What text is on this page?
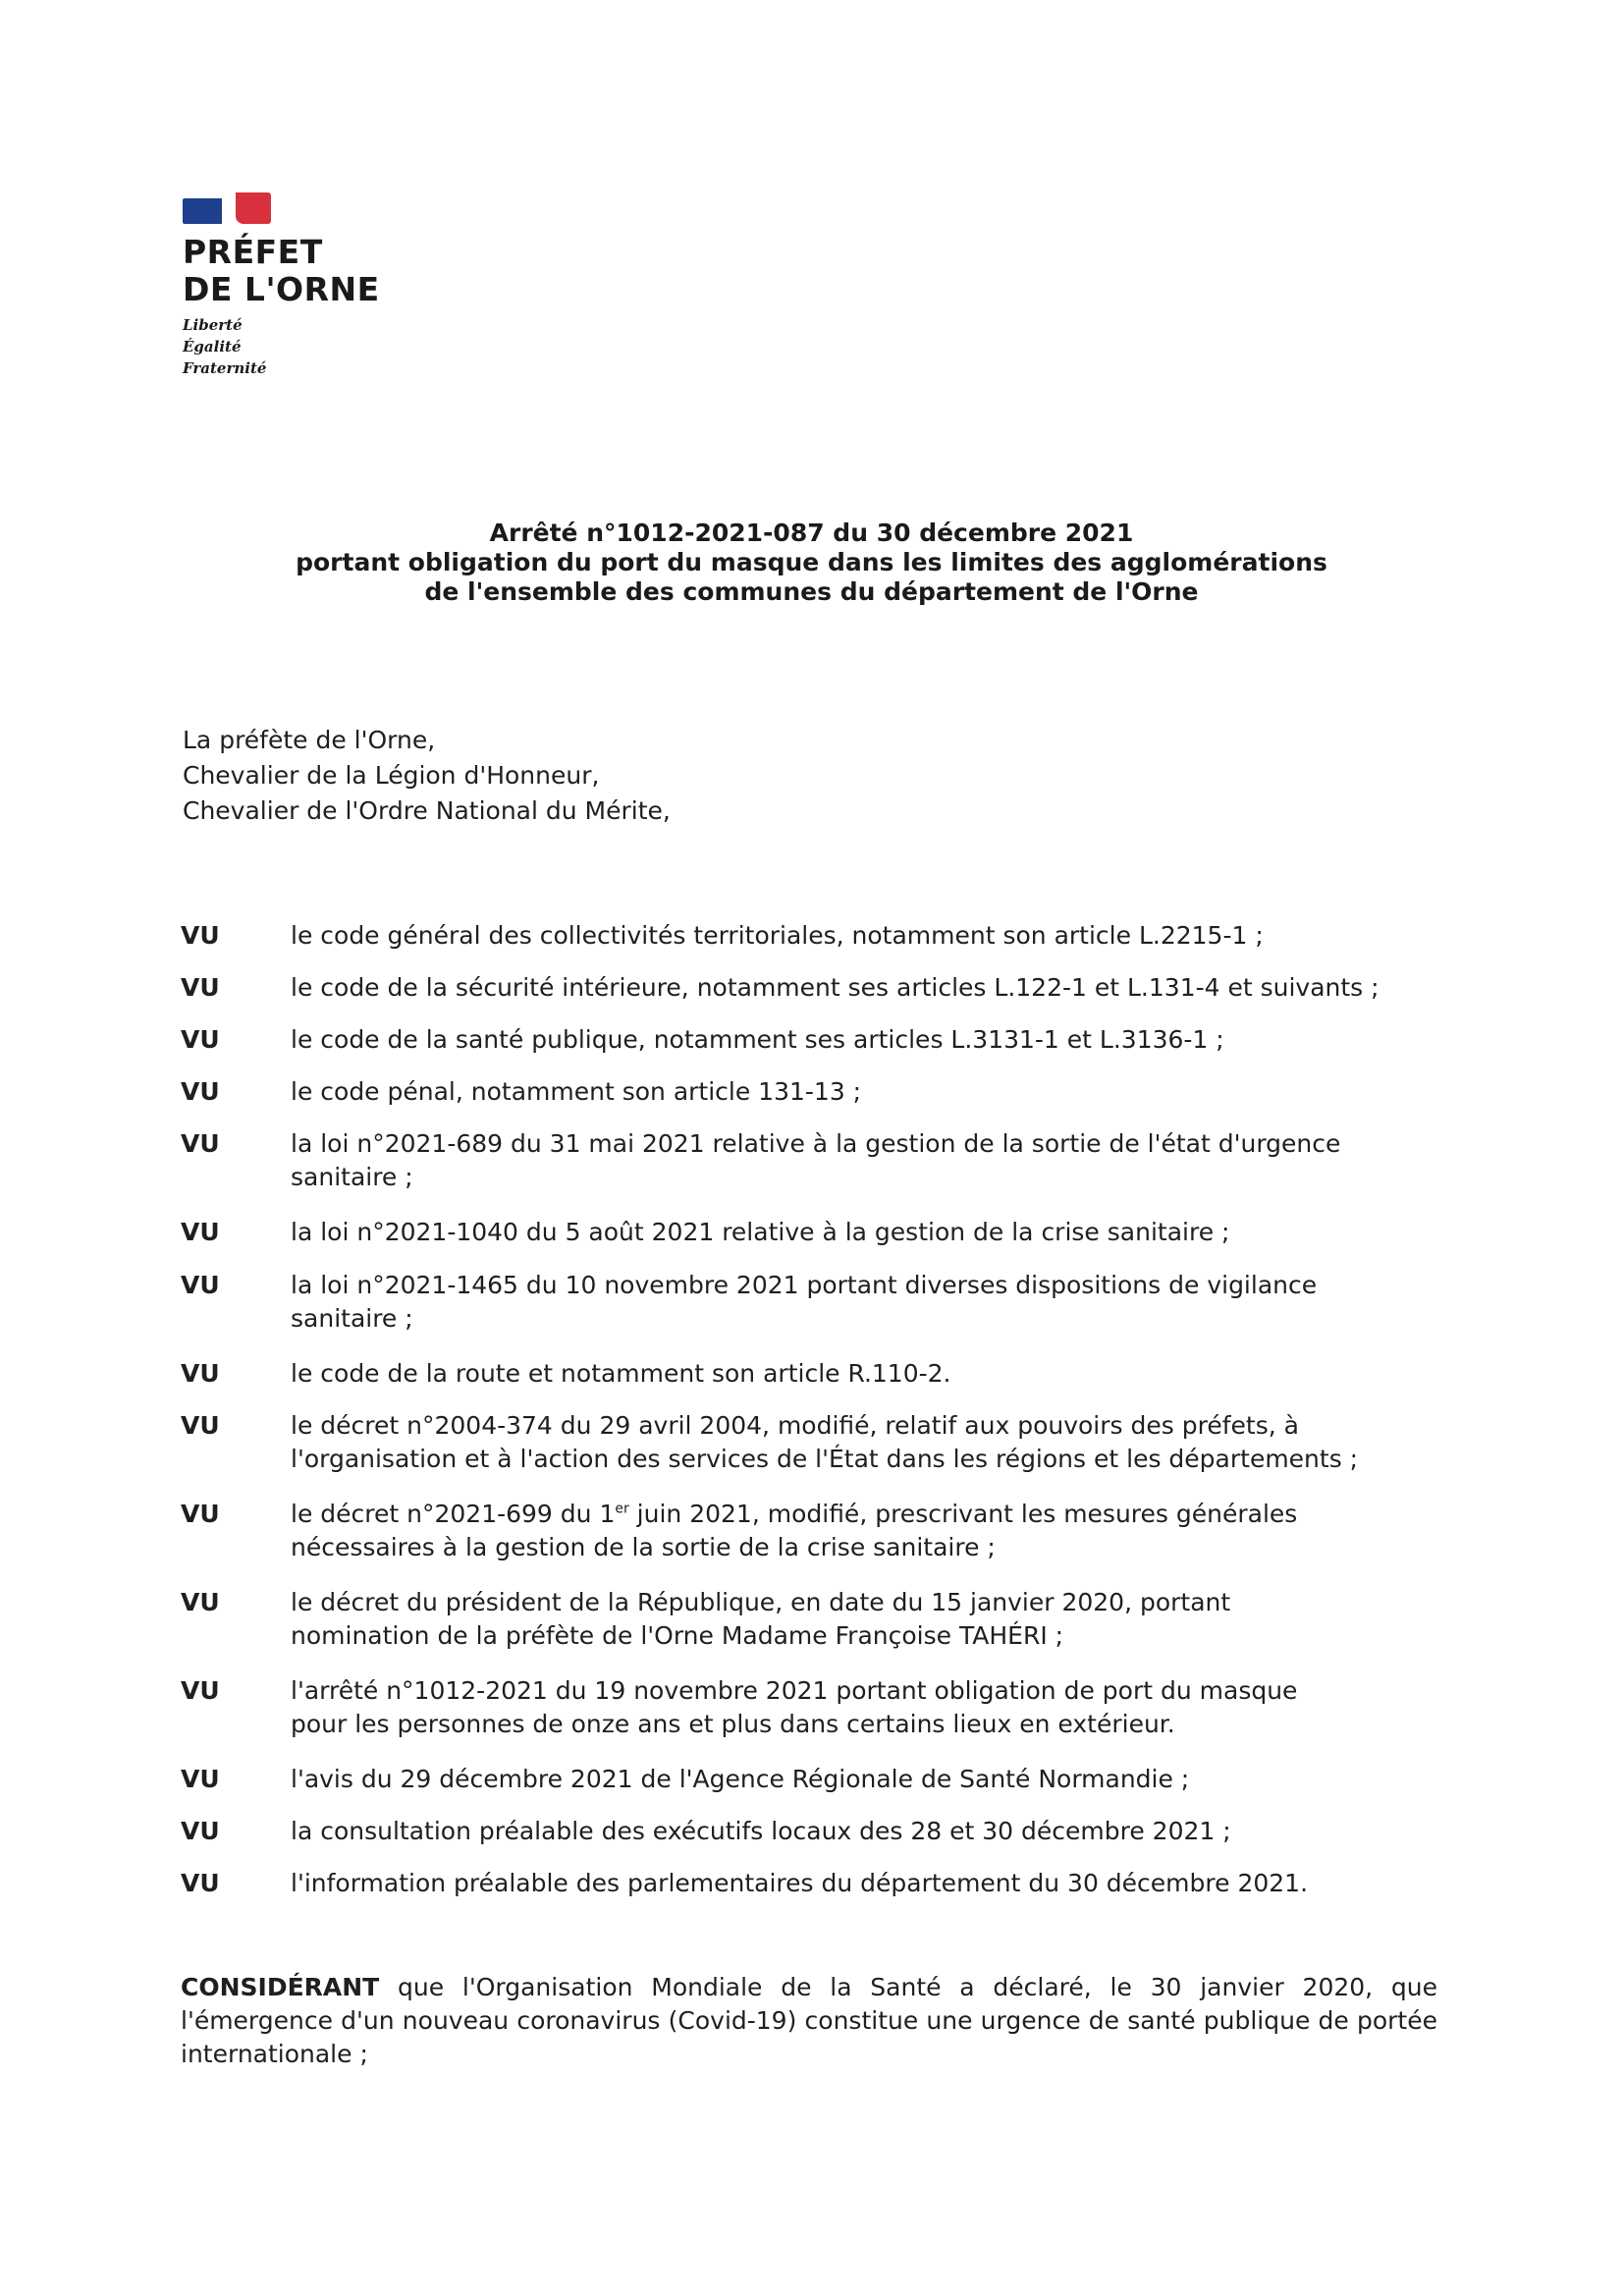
PRÉFET
DE L'ORNE
Liberté
Égalité
Fraternité
Arrêté n°1012-2021-087 du 30 décembre 2021
portant obligation du port du masque dans les limites des agglomérations
de l'ensemble des communes du département de l'Orne
La préfète de l'Orne,
Chevalier de la Légion d'Honneur,
Chevalier de l'Ordre National du Mérite,
VU	le code général des collectivités territoriales, notamment son article L.2215-1 ;
VU	le code de la sécurité intérieure, notamment ses articles L.122-1 et L.131-4 et suivants ;
VU	le code de la santé publique, notamment ses articles L.3131-1 et L.3136-1 ;
VU	le code pénal, notamment son article 131-13 ;
VU	la loi n°2021-689 du 31 mai 2021 relative à la gestion de la sortie de l'état d'urgence
sanitaire ;
VU	la loi n°2021-1040 du 5 août 2021 relative à la gestion de la crise sanitaire ;
VU	la loi n°2021-1465 du 10 novembre 2021 portant diverses dispositions de vigilance
sanitaire ;
VU	le code de la route et notamment son article R.110-2.
VU	le décret n°2004-374 du 29 avril 2004, modifié, relatif aux pouvoirs des préfets, à
l'organisation et à l'action des services de l'État dans les régions et les départements ;
VU	le décret n°2021-699 du 1er juin 2021, modifié, prescrivant les mesures générales
nécessaires à la gestion de la sortie de la crise sanitaire ;
VU	le décret du président de la République, en date du 15 janvier 2020, portant
nomination de la préfète de l'Orne Madame Françoise TAHÉRI ;
VU	l'arrêté n°1012-2021 du 19 novembre 2021 portant obligation de port du masque
pour les personnes de onze ans et plus dans certains lieux en extérieur.
VU	l'avis du 29 décembre 2021 de l'Agence Régionale de Santé Normandie ;
VU	la consultation préalable des exécutifs locaux des 28 et 30 décembre 2021 ;
VU	l'information préalable des parlementaires du département du 30 décembre 2021.
CONSIDÉRANT que l'Organisation Mondiale de la Santé a déclaré, le 30 janvier 2020, que l'émergence d'un nouveau coronavirus (Covid-19) constitue une urgence de santé publique de portée internationale ;
